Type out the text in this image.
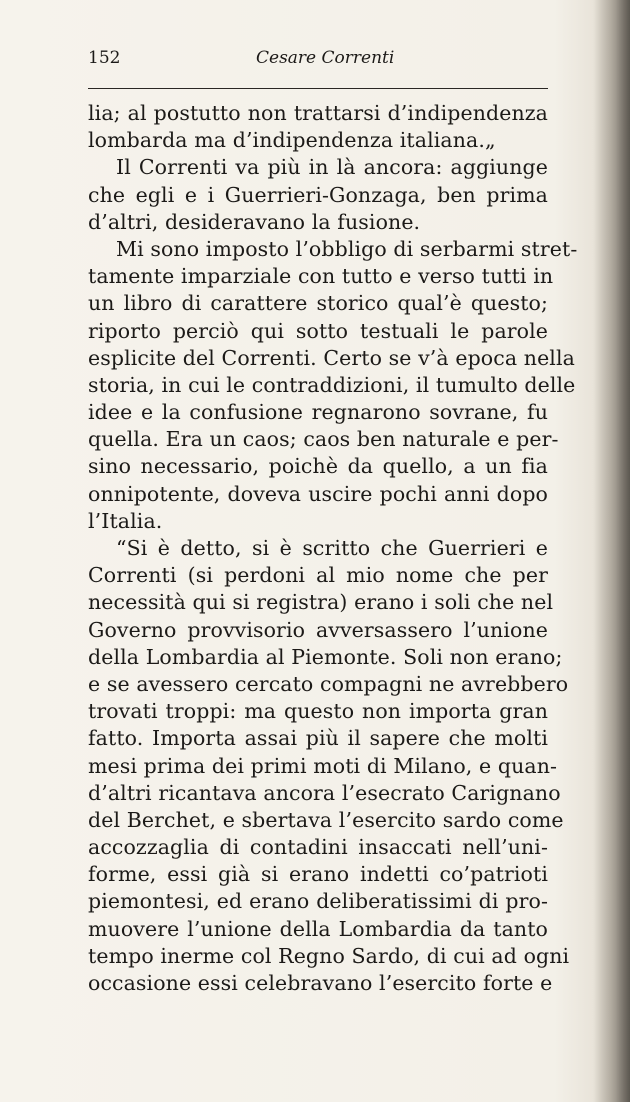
152	Cesare Correnti
lia; al postutto non trattarsi d’indipendenza
lombarda ma d’indipendenza italiana.„
Il Correnti va più in là ancora: aggiunge
che egli e i Guerrieri-Gonzaga, ben prima
d’altri, desideravano la fusione.
Mi sono imposto l’obbligo di serbarmi stret-
tamente imparziale con tutto e verso tutti in
un libro di carattere storico qual’è questo;
riporto perciò qui sotto testuali le parole
esplicite del Correnti. Certo se v’à epoca nella
storia, in cui le contraddizioni, il tumulto delle
idee e la confusione regnarono sovrane, fu
quella. Era un caos; caos ben naturale e per-
sino necessario, poichè da quello, a un fia
onnipotente, doveva uscire pochi anni dopo
l’Italia.
“Si è detto, si è scritto che Guerrieri e
Correnti (si perdoni al mio nome che per
necessità qui si registra) erano i soli che nel
Governo provvisorio avversassero l’unione
della Lombardia al Piemonte. Soli non erano;
e se avessero cercato compagni ne avrebbero
trovati troppi: ma questo non importa gran
fatto. Importa assai più il sapere che molti
mesi prima dei primi moti di Milano, e quan-
d’altri ricantava ancora l’esecrato Carignano
del Berchet, e sbertava l’esercito sardo come
accozzaglia di contadini insaccati nell’uni-
forme, essi già si erano indetti co’patrioti
piemontesi, ed erano deliberatissimi di pro-
muovere l’unione della Lombardia da tanto
tempo inerme col Regno Sardo, di cui ad ogni
occasione essi celebravano l’esercito forte e
